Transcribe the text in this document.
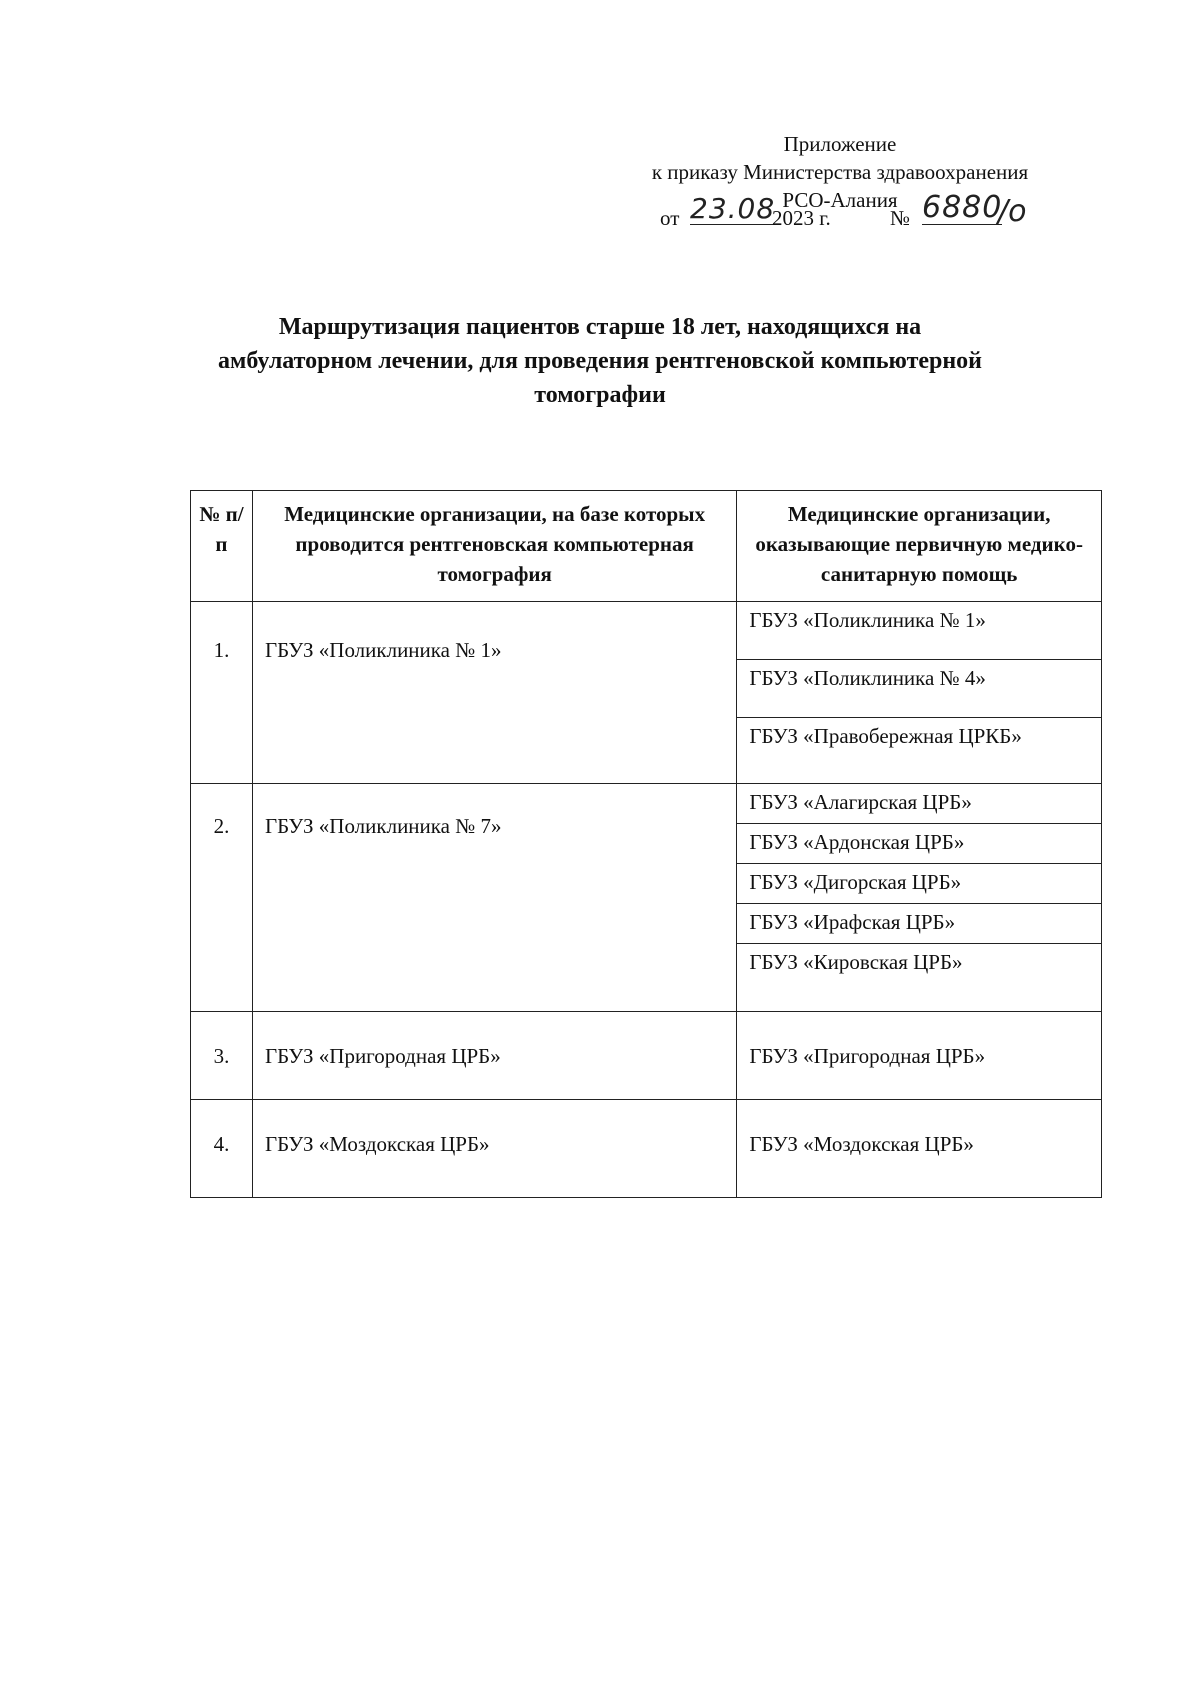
Приложение
к приказу Министерства здравоохранения
РСО-Алания
от 23.08
2023 г.	№ 6880
/о
Маршрутизация пациентов старше 18 лет, находящихся на
амбулаторном лечении, для проведения рентгеновской компьютерной
томографии
№ п/п	Медицинские организации, на базе которых проводится рентгеновская компьютерная томография	Медицинские организации, оказывающие первичную медико-санитарную помощь
1.	ГБУЗ «Поликлиника № 1»	ГБУЗ «Поликлиника № 1»
ГБУЗ «Поликлиника № 4»
ГБУЗ «Правобережная ЦРКБ»

2.	ГБУЗ «Поликлиника № 7»	ГБУЗ «Алагирская ЦРБ»
ГБУЗ «Ардонская ЦРБ»
ГБУЗ «Дигорская ЦРБ»
ГБУЗ «Ирафская ЦРБ»
ГБУЗ «Кировская ЦРБ»

3.	ГБУЗ «Пригородная ЦРБ»	ГБУЗ «Пригородная ЦРБ»
4.	ГБУЗ «Моздокская ЦРБ»	ГБУЗ «Моздокская ЦРБ»
